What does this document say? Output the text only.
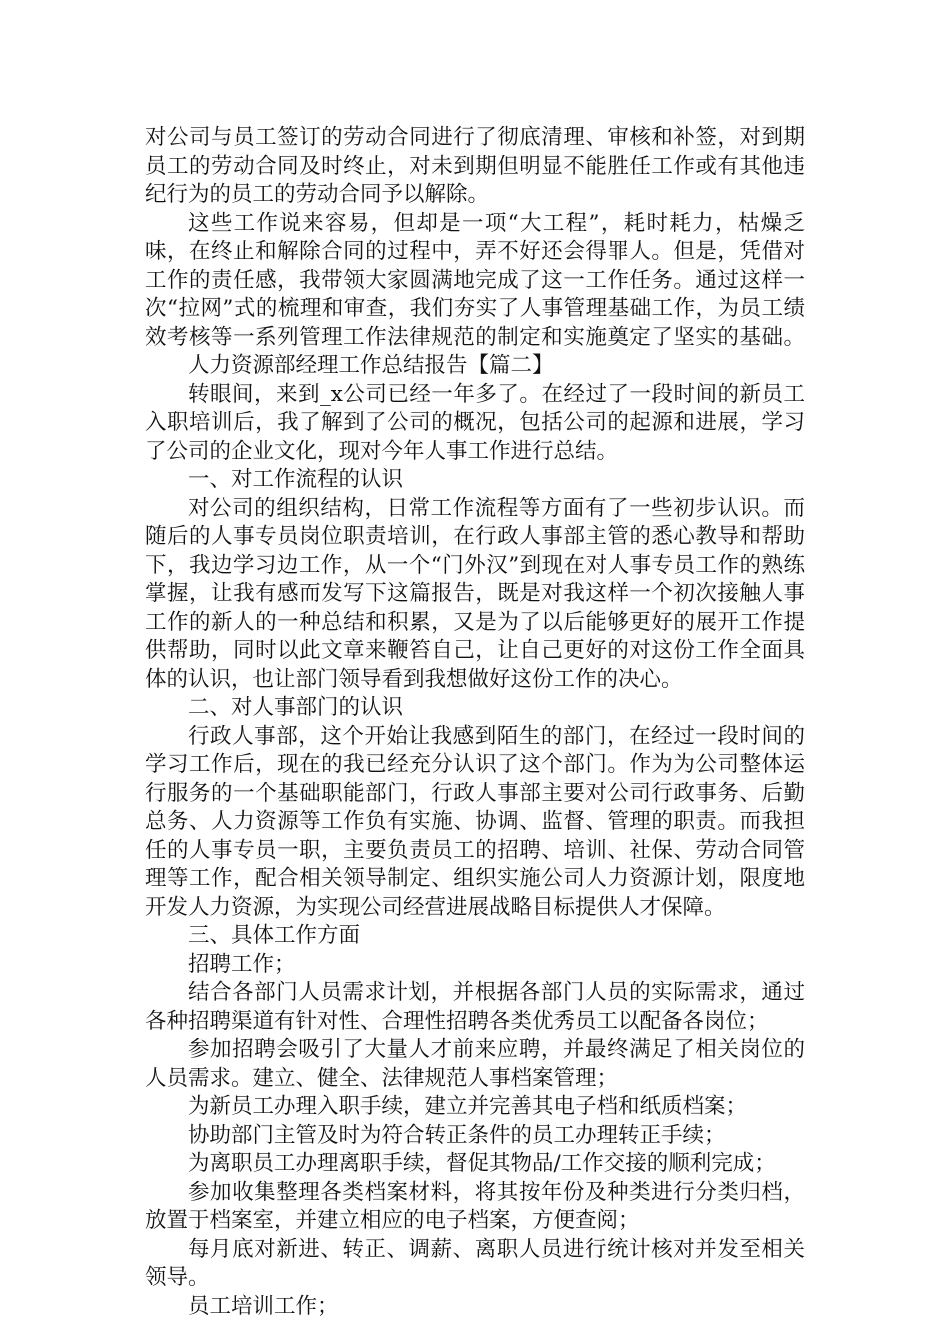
对公司与员工签订的劳动合同进行了彻底清理、审核和补签，对到期员工的劳动合同及时终止，对未到期但明显不能胜任工作或有其他违纪行为的员工的劳动合同予以解除。

这些工作说来容易，但却是一项“大工程”，耗时耗力，枯燥乏味，在终止和解除合同的过程中，弄不好还会得罪人。但是，凭借对工作的责任感，我带领大家圆满地完成了这一工作任务。通过这样一次“拉网”式的梳理和审查，我们夯实了人事管理基础工作，为员工绩效考核等一系列管理工作法律规范的制定和实施奠定了坚实的基础。人力资源部经理工作总结报告【篇二】

转眼间，来到_x公司已经一年多了。在经过了一段时间的新员工入职培训后，我了解到了公司的概况，包括公司的起源和进展，学习了公司的企业文化，现对今年人事工作进行总结。

一、对工作流程的认识

对公司的组织结构，日常工作流程等方面有了一些初步认识。而随后的人事专员岗位职责培训，在行政人事部主管的悉心教导和帮助下，我边学习边工作，从一个“门外汉”到现在对人事专员工作的熟练掌握，让我有感而发写下这篇报告，既是对我这样一个初次接触人事工作的新人的一种总结和积累，又是为了以后能够更好的展开工作提供帮助，同时以此文章来鞭笞自己，让自己更好的对这份工作全面具体的认识，也让部门领导看到我想做好这份工作的决心。

二、对人事部门的认识

行政人事部，这个开始让我感到陌生的部门，在经过一段时间的学习工作后，现在的我已经充分认识了这个部门。作为为公司整体运行服务的一个基础职能部门，行政人事部主要对公司行政事务、后勤总务、人力资源等工作负有实施、协调、监督、管理的职责。而我担任的人事专员一职，主要负责员工的招聘、培训、社保、劳动合同管理等工作，配合相关领导制定、组织实施公司人力资源计划，限度地开发人力资源，为实现公司经营进展战略目标提供人才保障。

三、具体工作方面

招聘工作；

结合各部门人员需求计划，并根据各部门人员的实际需求，通过各种招聘渠道有针对性、合理性招聘各类优秀员工以配备各岗位；

参加招聘会吸引了大量人才前来应聘，并最终满足了相关岗位的人员需求。建立、健全、法律规范人事档案管理；

为新员工办理入职手续，建立并完善其电子档和纸质档案；

协助部门主管及时为符合转正条件的员工办理转正手续；

为离职员工办理离职手续，督促其物品/工作交接的顺利完成；

参加收集整理各类档案材料，将其按年份及种类进行分类归档，放置于档案室，并建立相应的电子档案，方便查阅；

每月底对新进、转正、调薪、离职人员进行统计核对并发至相关领导。

员工培训工作；
